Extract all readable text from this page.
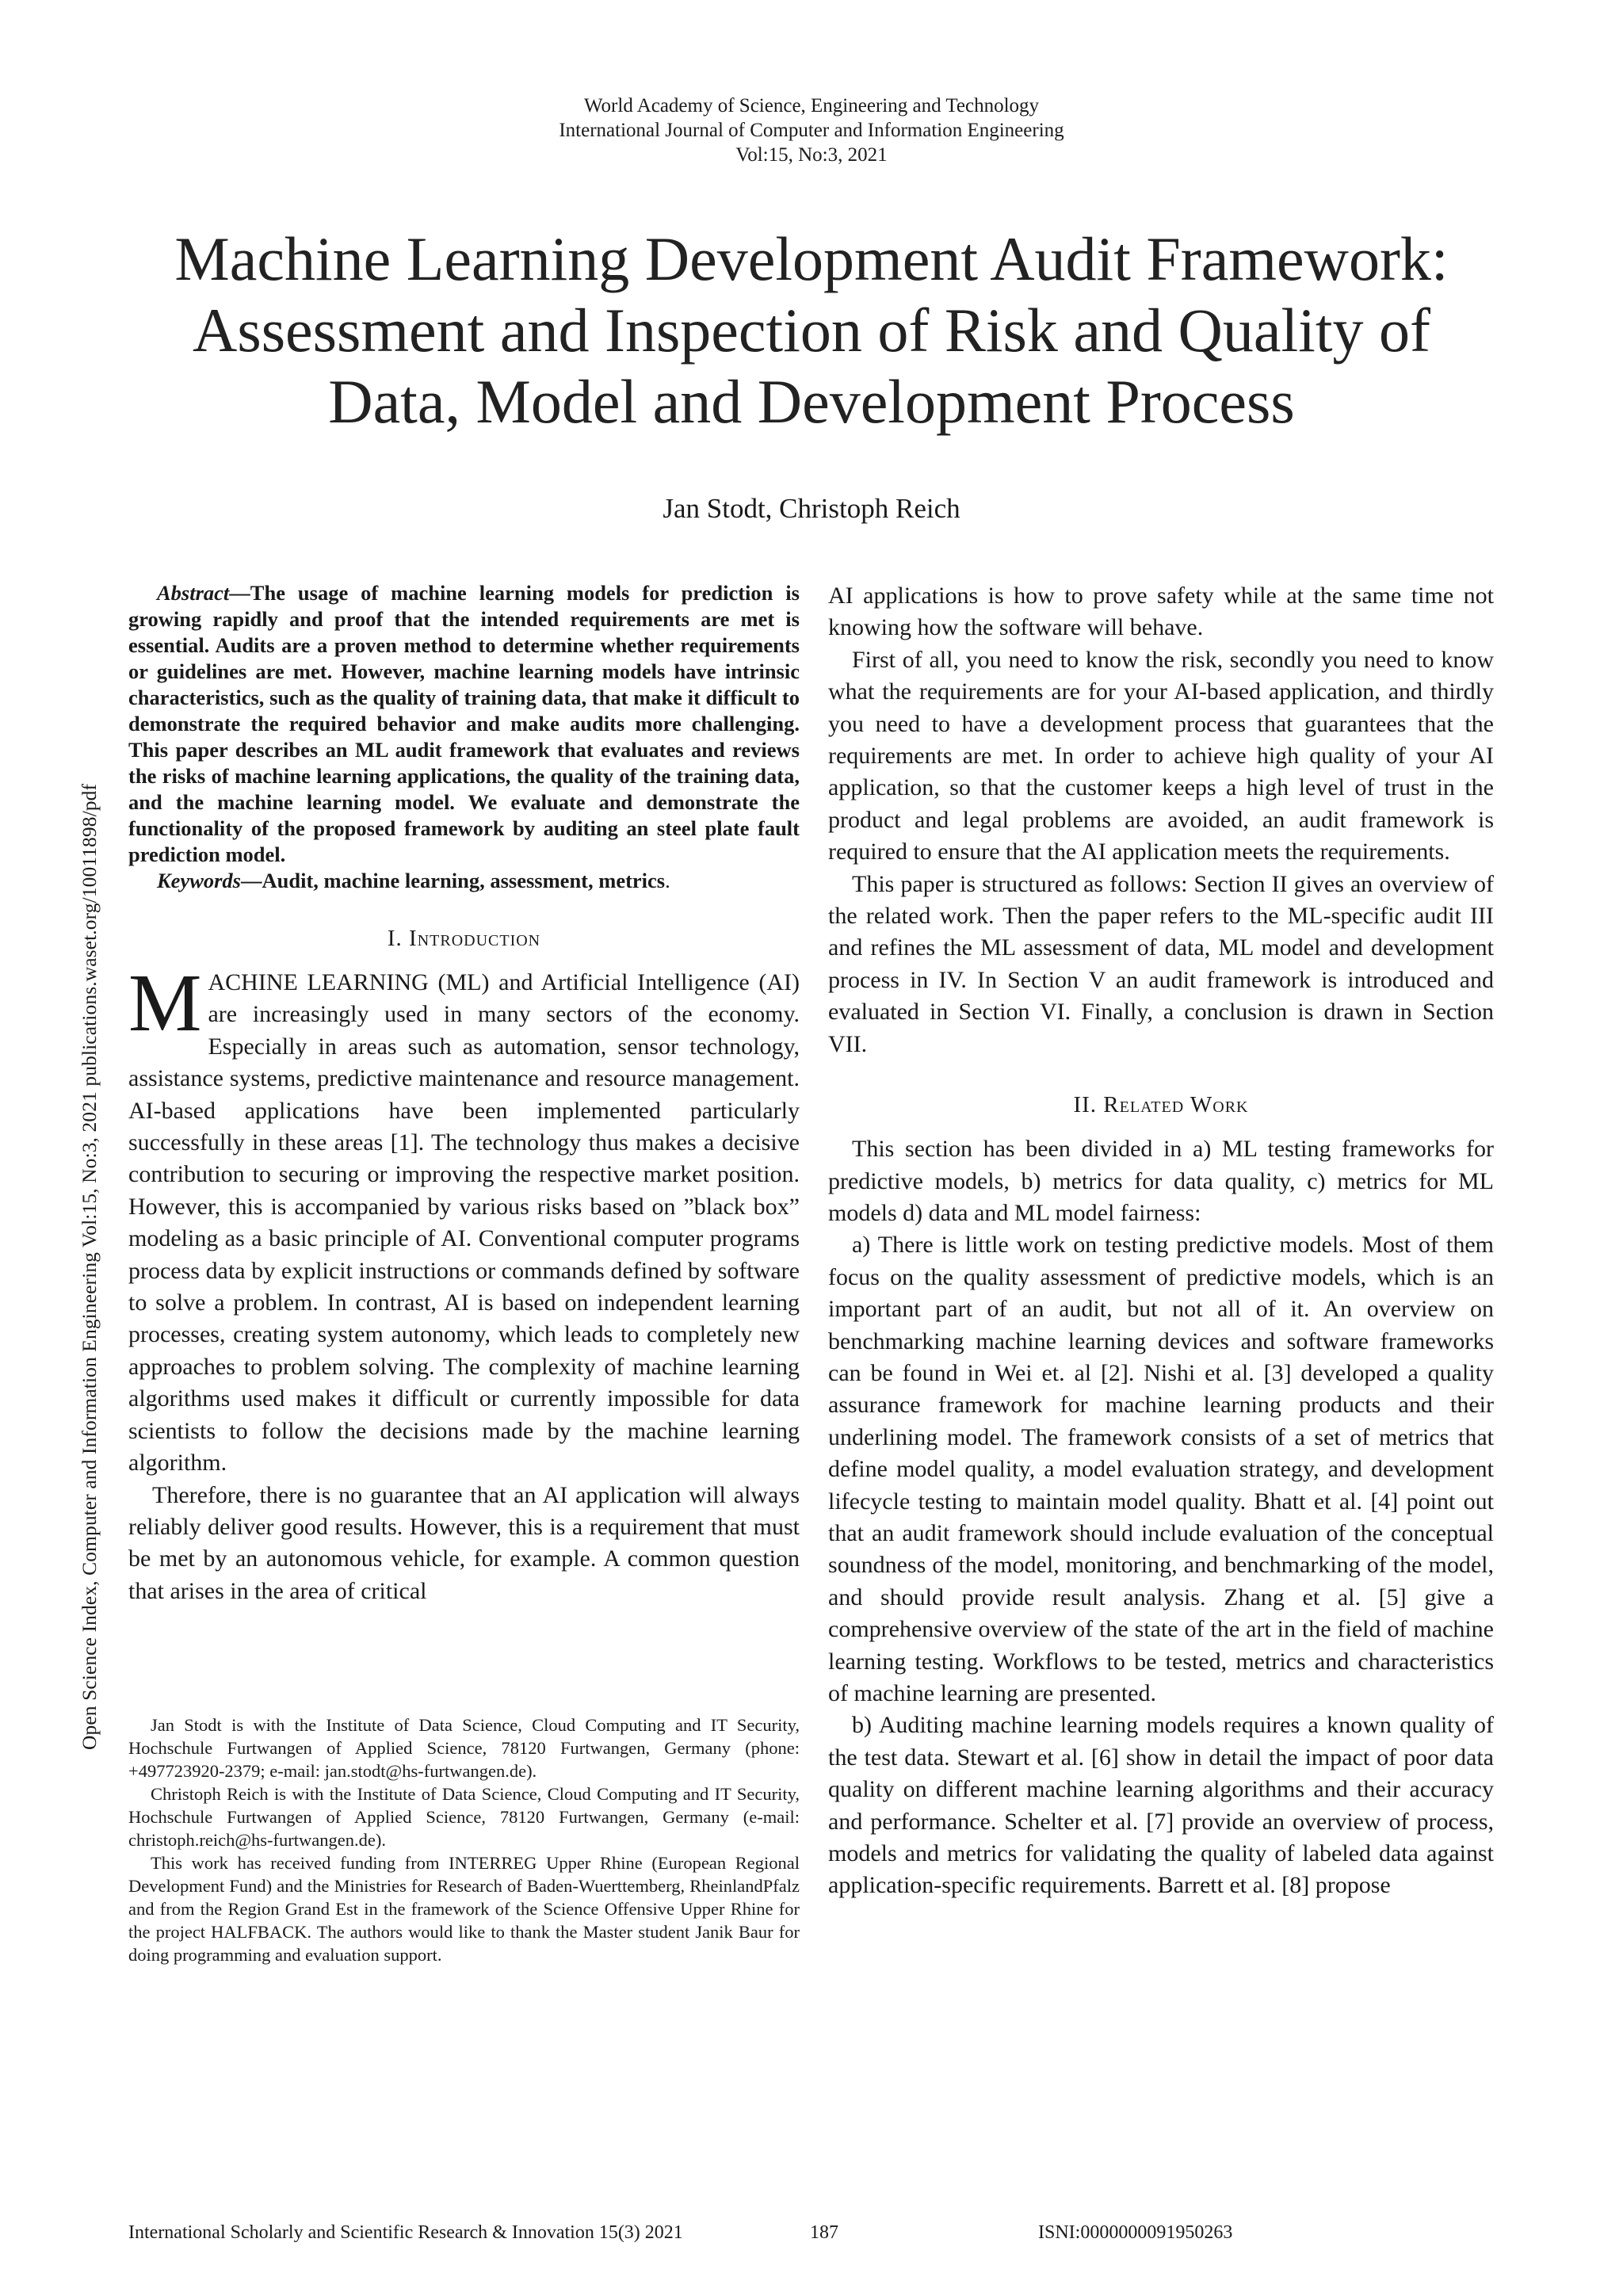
World Academy of Science, Engineering and Technology
International Journal of Computer and Information Engineering
Vol:15, No:3, 2021
Machine Learning Development Audit Framework:
Assessment and Inspection of Risk and Quality of
Data, Model and Development Process
Jan Stodt, Christoph Reich
Open Science Index, Computer and Information Engineering Vol:15, No:3, 2021 publications.waset.org/10011898/pdf

Abstract—The usage of machine learning models for prediction is growing rapidly and proof that the intended requirements are met is essential. Audits are a proven method to determine whether requirements or guidelines are met. However, machine learning models have intrinsic characteristics, such as the quality of training data, that make it difficult to demonstrate the required behavior and make audits more challenging. This paper describes an ML audit framework that evaluates and reviews the risks of machine learning applications, the quality of the training data, and the machine learning model. We evaluate and demonstrate the functionality of the proposed framework by auditing an steel plate fault prediction model.

Keywords—Audit, machine learning, assessment, metrics.

I. Introduction

MACHINE LEARNING (ML) and Artificial Intelligence (AI) are increasingly used in many sectors of the economy. Especially in areas such as automation, sensor technology, assistance systems, predictive maintenance and resource management. AI-based applications have been implemented particularly successfully in these areas [1]. The technology thus makes a decisive contribution to securing or improving the respective market position. However, this is accompanied by various risks based on ”black box” modeling as a basic principle of AI. Conventional computer programs process data by explicit instructions or commands defined by software to solve a problem. In contrast, AI is based on independent learning processes, creating system autonomy, which leads to completely new approaches to problem solving. The complexity of machine learning algorithms used makes it difficult or currently impossible for data scientists to follow the decisions made by the machine learning algorithm.

Therefore, there is no guarantee that an AI application will always reliably deliver good results. However, this is a requirement that must be met by an autonomous vehicle, for example. A common question that arises in the area of critical

Jan Stodt is with the Institute of Data Science, Cloud Computing and IT Security, Hochschule Furtwangen of Applied Science, 78120 Furtwangen, Germany (phone: +497723920-2379; e-mail: jan.stodt@hs-furtwangen.de).

Christoph Reich is with the Institute of Data Science, Cloud Computing and IT Security, Hochschule Furtwangen of Applied Science, 78120 Furtwangen, Germany (e-mail: christoph.reich@hs-furtwangen.de).

This work has received funding from INTERREG Upper Rhine (European Regional Development Fund) and the Ministries for Research of Baden-Wuerttemberg, RheinlandPfalz and from the Region Grand Est in the framework of the Science Offensive Upper Rhine for the project HALFBACK. The authors would like to thank the Master student Janik Baur for doing programming and evaluation support.

AI applications is how to prove safety while at the same time not knowing how the software will behave.

First of all, you need to know the risk, secondly you need to know what the requirements are for your AI-based application, and thirdly you need to have a development process that guarantees that the requirements are met. In order to achieve high quality of your AI application, so that the customer keeps a high level of trust in the product and legal problems are avoided, an audit framework is required to ensure that the AI application meets the requirements.

This paper is structured as follows: Section II gives an overview of the related work. Then the paper refers to the ML-specific audit III and refines the ML assessment of data, ML model and development process in IV. In Section V an audit framework is introduced and evaluated in Section VI. Finally, a conclusion is drawn in Section VII.

II. Related Work

This section has been divided in a) ML testing frameworks for predictive models, b) metrics for data quality, c) metrics for ML models d) data and ML model fairness:

a) There is little work on testing predictive models. Most of them focus on the quality assessment of predictive models, which is an important part of an audit, but not all of it. An overview on benchmarking machine learning devices and software frameworks can be found in Wei et. al [2]. Nishi et al. [3] developed a quality assurance framework for machine learning products and their underlining model. The framework consists of a set of metrics that define model quality, a model evaluation strategy, and development lifecycle testing to maintain model quality. Bhatt et al. [4] point out that an audit framework should include evaluation of the conceptual soundness of the model, monitoring, and benchmarking of the model, and should provide result analysis. Zhang et al. [5] give a comprehensive overview of the state of the art in the field of machine learning testing. Workflows to be tested, metrics and characteristics of machine learning are presented.

b) Auditing machine learning models requires a known quality of the test data. Stewart et al. [6] show in detail the impact of poor data quality on different machine learning algorithms and their accuracy and performance. Schelter et al. [7] provide an overview of process, models and metrics for validating the quality of labeled data against application-specific requirements. Barrett et al. [8] propose

International Scholarly and Scientific Research & Innovation 15(3) 2021	187	ISNI:0000000091950263
